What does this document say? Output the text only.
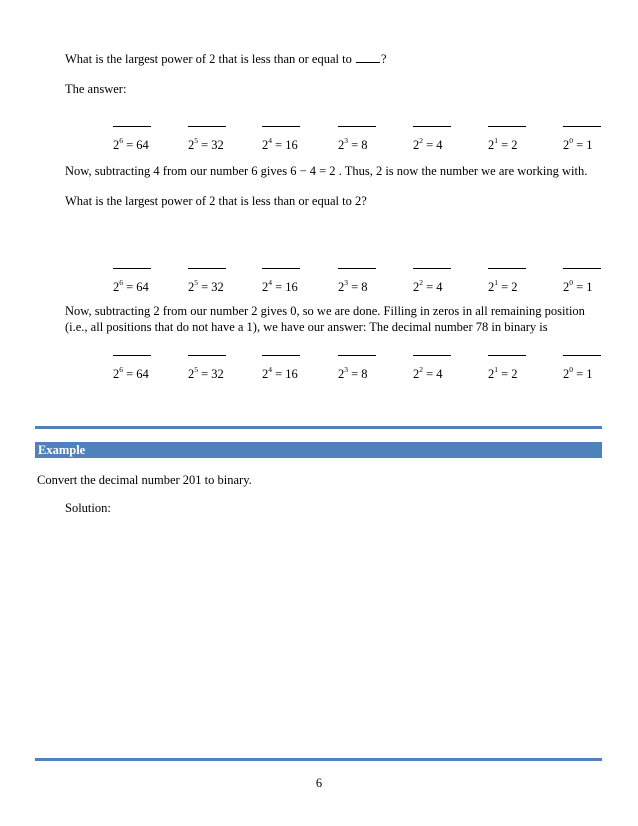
What is the largest power of 2 that is less than or equal to ?
The answer:
$2^6 = 64$	$2^5 = 32$	$2^4 = 16$	$2^3 = 8$	$2^2 = 4$	$2^1 = 2$	$2^0 = 1$
Now, subtracting 4 from our number 6 gives 6 − 4 = 2 . Thus, 2 is now the number we are working with.
What is the largest power of 2 that is less than or equal to 2?
$2^6 = 64$	$2^5 = 32$	$2^4 = 16$	$2^3 = 8$	$2^2 = 4$	$2^1 = 2$	$2^0 = 1$
Now, subtracting 2 from our number 2 gives 0, so we are done. Filling in zeros in all remaining position
(i.e., all positions that do not have a 1), we have our answer: The decimal number 78 in binary is
$2^6 = 64$	$2^5 = 32$	$2^4 = 16$	$2^3 = 8$	$2^2 = 4$	$2^1 = 2$	$2^0 = 1$
Example
Convert the decimal number 201 to binary.
Solution:
6
